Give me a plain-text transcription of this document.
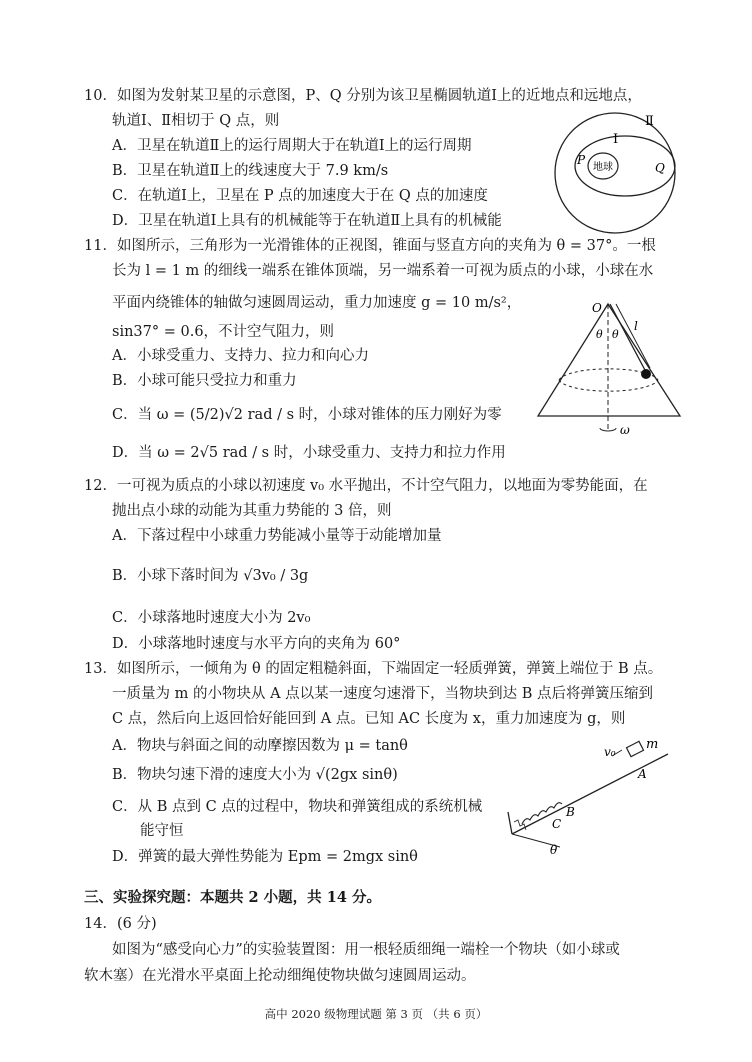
10．如图为发射某卫星的示意图，P、Q 分别为该卫星椭圆轨道Ⅰ上的近地点和远地点，
轨道Ⅰ、Ⅱ相切于 Q 点，则
A．卫星在轨道Ⅱ上的运行周期大于在轨道Ⅰ上的运行周期
B．卫星在轨道Ⅱ上的线速度大于 7.9 km/s
C．在轨道Ⅰ上，卫星在 P 点的加速度大于在 Q 点的加速度
D．卫星在轨道Ⅰ上具有的机械能等于在轨道Ⅱ上具有的机械能
地球
Ⅰ
Ⅱ
P
Q
11．如图所示，三角形为一光滑锥体的正视图，锥面与竖直方向的夹角为 θ = 37°。一根
长为 l = 1 m 的细线一端系在锥体顶端，另一端系着一可视为质点的小球，小球在水
平面内绕锥体的轴做匀速圆周运动，重力加速度 g = 10 m/s²，
sin37° = 0.6，不计空气阻力，则
A．小球受重力、支持力、拉力和向心力
B．小球可能只受拉力和重力
C．当 ω = (5/2)√2 rad / s 时，小球对锥体的压力刚好为零
D．当 ω = 2√5 rad / s 时，小球受重力、支持力和拉力作用
O
θ θ
l
ω
12．一可视为质点的小球以初速度 v₀ 水平抛出，不计空气阻力，以地面为零势能面，在
抛出点小球的动能为其重力势能的 3 倍，则
A．下落过程中小球重力势能减小量等于动能增加量
B．小球下落时间为 √3v₀ / 3g
C．小球落地时速度大小为 2v₀
D．小球落地时速度与水平方向的夹角为 60°
13．如图所示，一倾角为 θ 的固定粗糙斜面，下端固定一轻质弹簧，弹簧上端位于 B 点。
一质量为 m 的小物块从 A 点以某一速度匀速滑下，当物块到达 B 点后将弹簧压缩到
C 点，然后向上返回恰好能回到 A 点。已知 AC 长度为 x，重力加速度为 g，则
A．物块与斜面之间的动摩擦因数为 μ = tanθ
B．物块匀速下滑的速度大小为 √(2gx sinθ)
C．从 B 点到 C 点的过程中，物块和弹簧组成的系统机械
能守恒
D．弹簧的最大弹性势能为 Epm = 2mgx sinθ
v₀ m
A
B
C
θ
三、实验探究题：本题共 2 小题，共 14 分。
14．(6 分)
如图为“感受向心力”的实验装置图：用一根轻质细绳一端栓一个物块（如小球或
软木塞）在光滑水平桌面上抡动细绳使物块做匀速圆周运动。
高中 2020 级物理试题 第 3 页 （共 6 页）
